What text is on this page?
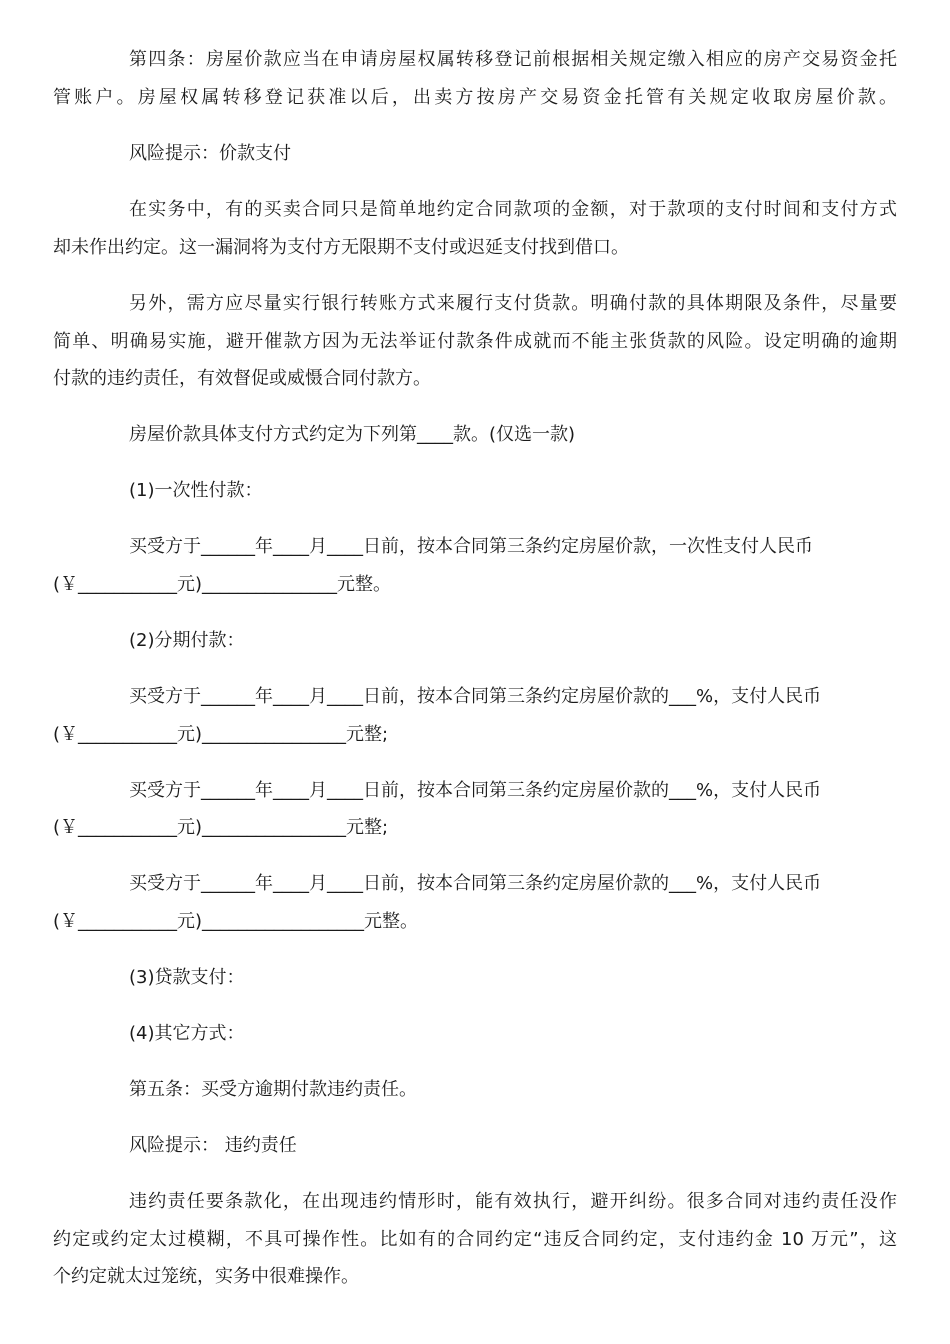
第四条：房屋价款应当在申请房屋权属转移登记前根据相关规定缴入相应的房产交易资金托
管账户。房屋权属转移登记获准以后，出卖方按房产交易资金托管有关规定收取房屋价款。
风险提示：价款支付
在实务中，有的买卖合同只是简单地约定合同款项的金额，对于款项的支付时间和支付方式
却未作出约定。这一漏洞将为支付方无限期不支付或迟延支付找到借口。
另外，需方应尽量实行银行转账方式来履行支付货款。明确付款的具体期限及条件，尽量要
简单、明确易实施，避开催款方因为无法举证付款条件成就而不能主张货款的风险。设定明确的逾期
付款的违约责任，有效督促或威慑合同付款方。
房屋价款具体支付方式约定为下列第____款。(仅选一款)
(1)一次性付款：
买受方于______年____月____日前，按本合同第三条约定房屋价款，一次性支付人民币
(￥___________元)_______________元整。
(2)分期付款：
买受方于______年____月____日前，按本合同第三条约定房屋价款的___%，支付人民币
(￥___________元)________________元整;
买受方于______年____月____日前，按本合同第三条约定房屋价款的___%，支付人民币
(￥___________元)________________元整;
买受方于______年____月____日前，按本合同第三条约定房屋价款的___%，支付人民币
(￥___________元)__________________元整。
(3)贷款支付：
(4)其它方式：
第五条：买受方逾期付款违约责任。
风险提示： 违约责任
违约责任要条款化，在出现违约情形时，能有效执行，避开纠纷。很多合同对违约责任没作
约定或约定太过模糊，不具可操作性。比如有的合同约定“违反合同约定，支付违约金 10 万元”，这
个约定就太过笼统，实务中很难操作。
